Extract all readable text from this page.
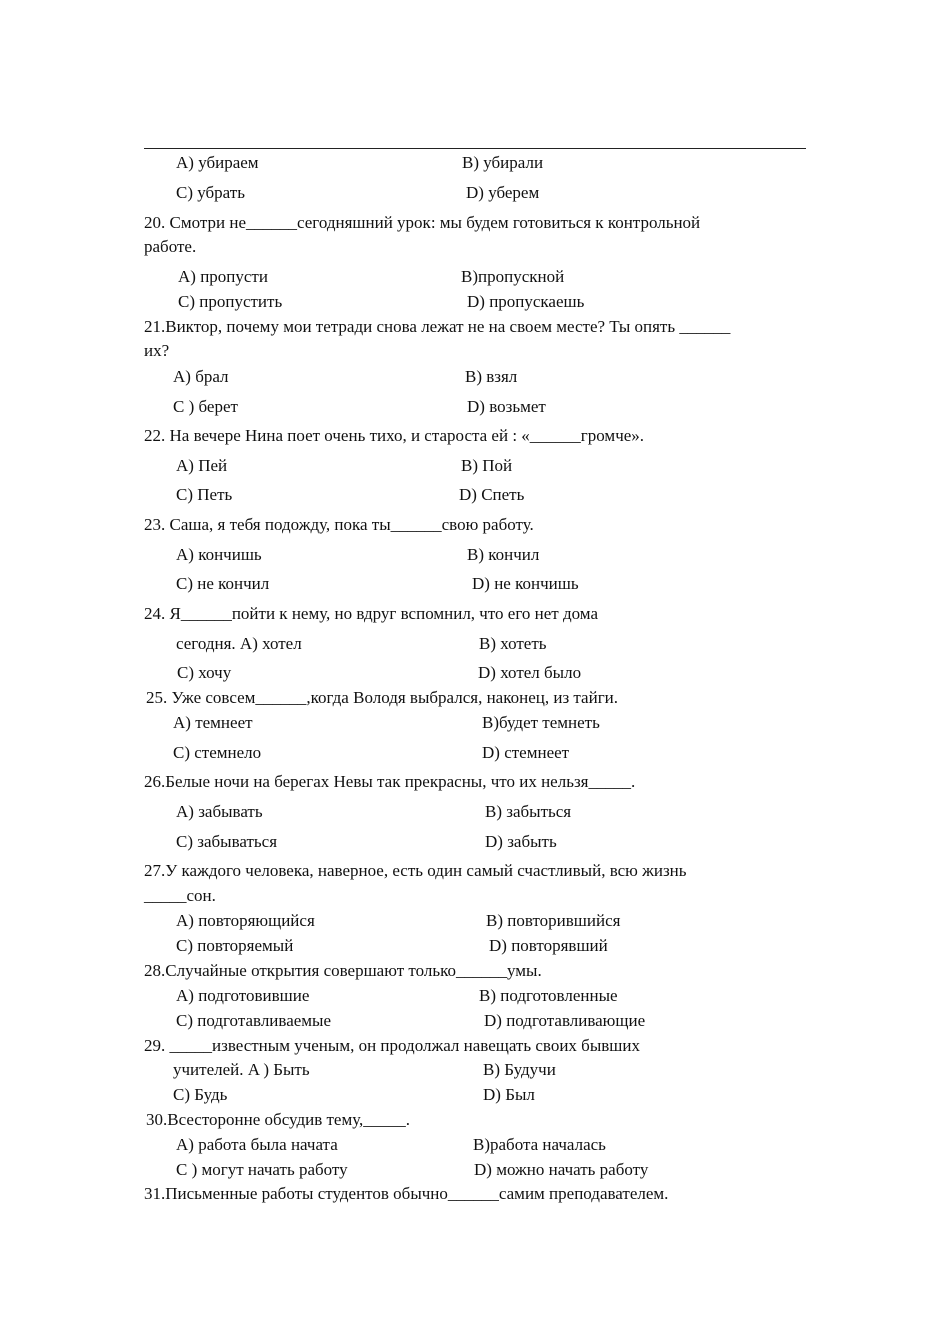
A) убираем	B) убирали
C) убрать	D) уберем
20. Смотри не______сегодняшний урок: мы будем готовиться к контрольной
работе.
A) пропусти	B)пропускной
C) пропустить	D) пропускаешь
21.Виктор, почему мои тетради снова лежат не на своем месте? Ты опять ______
их?
A) брал	B) взял
C ) берет	D) возьмет
22. На вечере Нина поет очень тихо, и староста ей : «______громче».
A) Пей	B) Пой
C) Петь	D) Спеть
23. Саша, я тебя подожду, пока ты______свою работу.
A) кончишь	B) кончил
C) не кончил	D) не кончишь
24. Я______пойти к нему, но вдруг вспомнил, что его нет дома
сегодня. A) хотел	B) хотеть
C) хочу	D) хотел было
25. Уже совсем______,когда Володя выбрался, наконец, из тайги.
A) темнеет	B)будет темнеть
C) стемнело	D) стемнеет
26.Белые ночи на берегах Невы так прекрасны, что их нельзя_____.
A) забывать	B) забыться
C) забываться	D) забыть
27.У каждого человека, наверное, есть один самый счастливый, всю жизнь
_____сон.
A) повторяющийся	B) повторившийся
C) повторяемый	D) повторявший
28.Случайные открытия совершают только______умы.
A) подготовившие	B) подготовленные
C) подготавливаемые	D) подготавливающие
29. _____известным ученым, он продолжал навещать своих бывших
учителей. A ) Быть	B) Будучи
C) Будь	D) Был
30.Всесторонне обсудив тему,_____.
A) работа была начата	B)работа началась
C ) могут начать работу	D) можно начать работу
31.Письменные работы студентов обычно______самим преподавателем.
